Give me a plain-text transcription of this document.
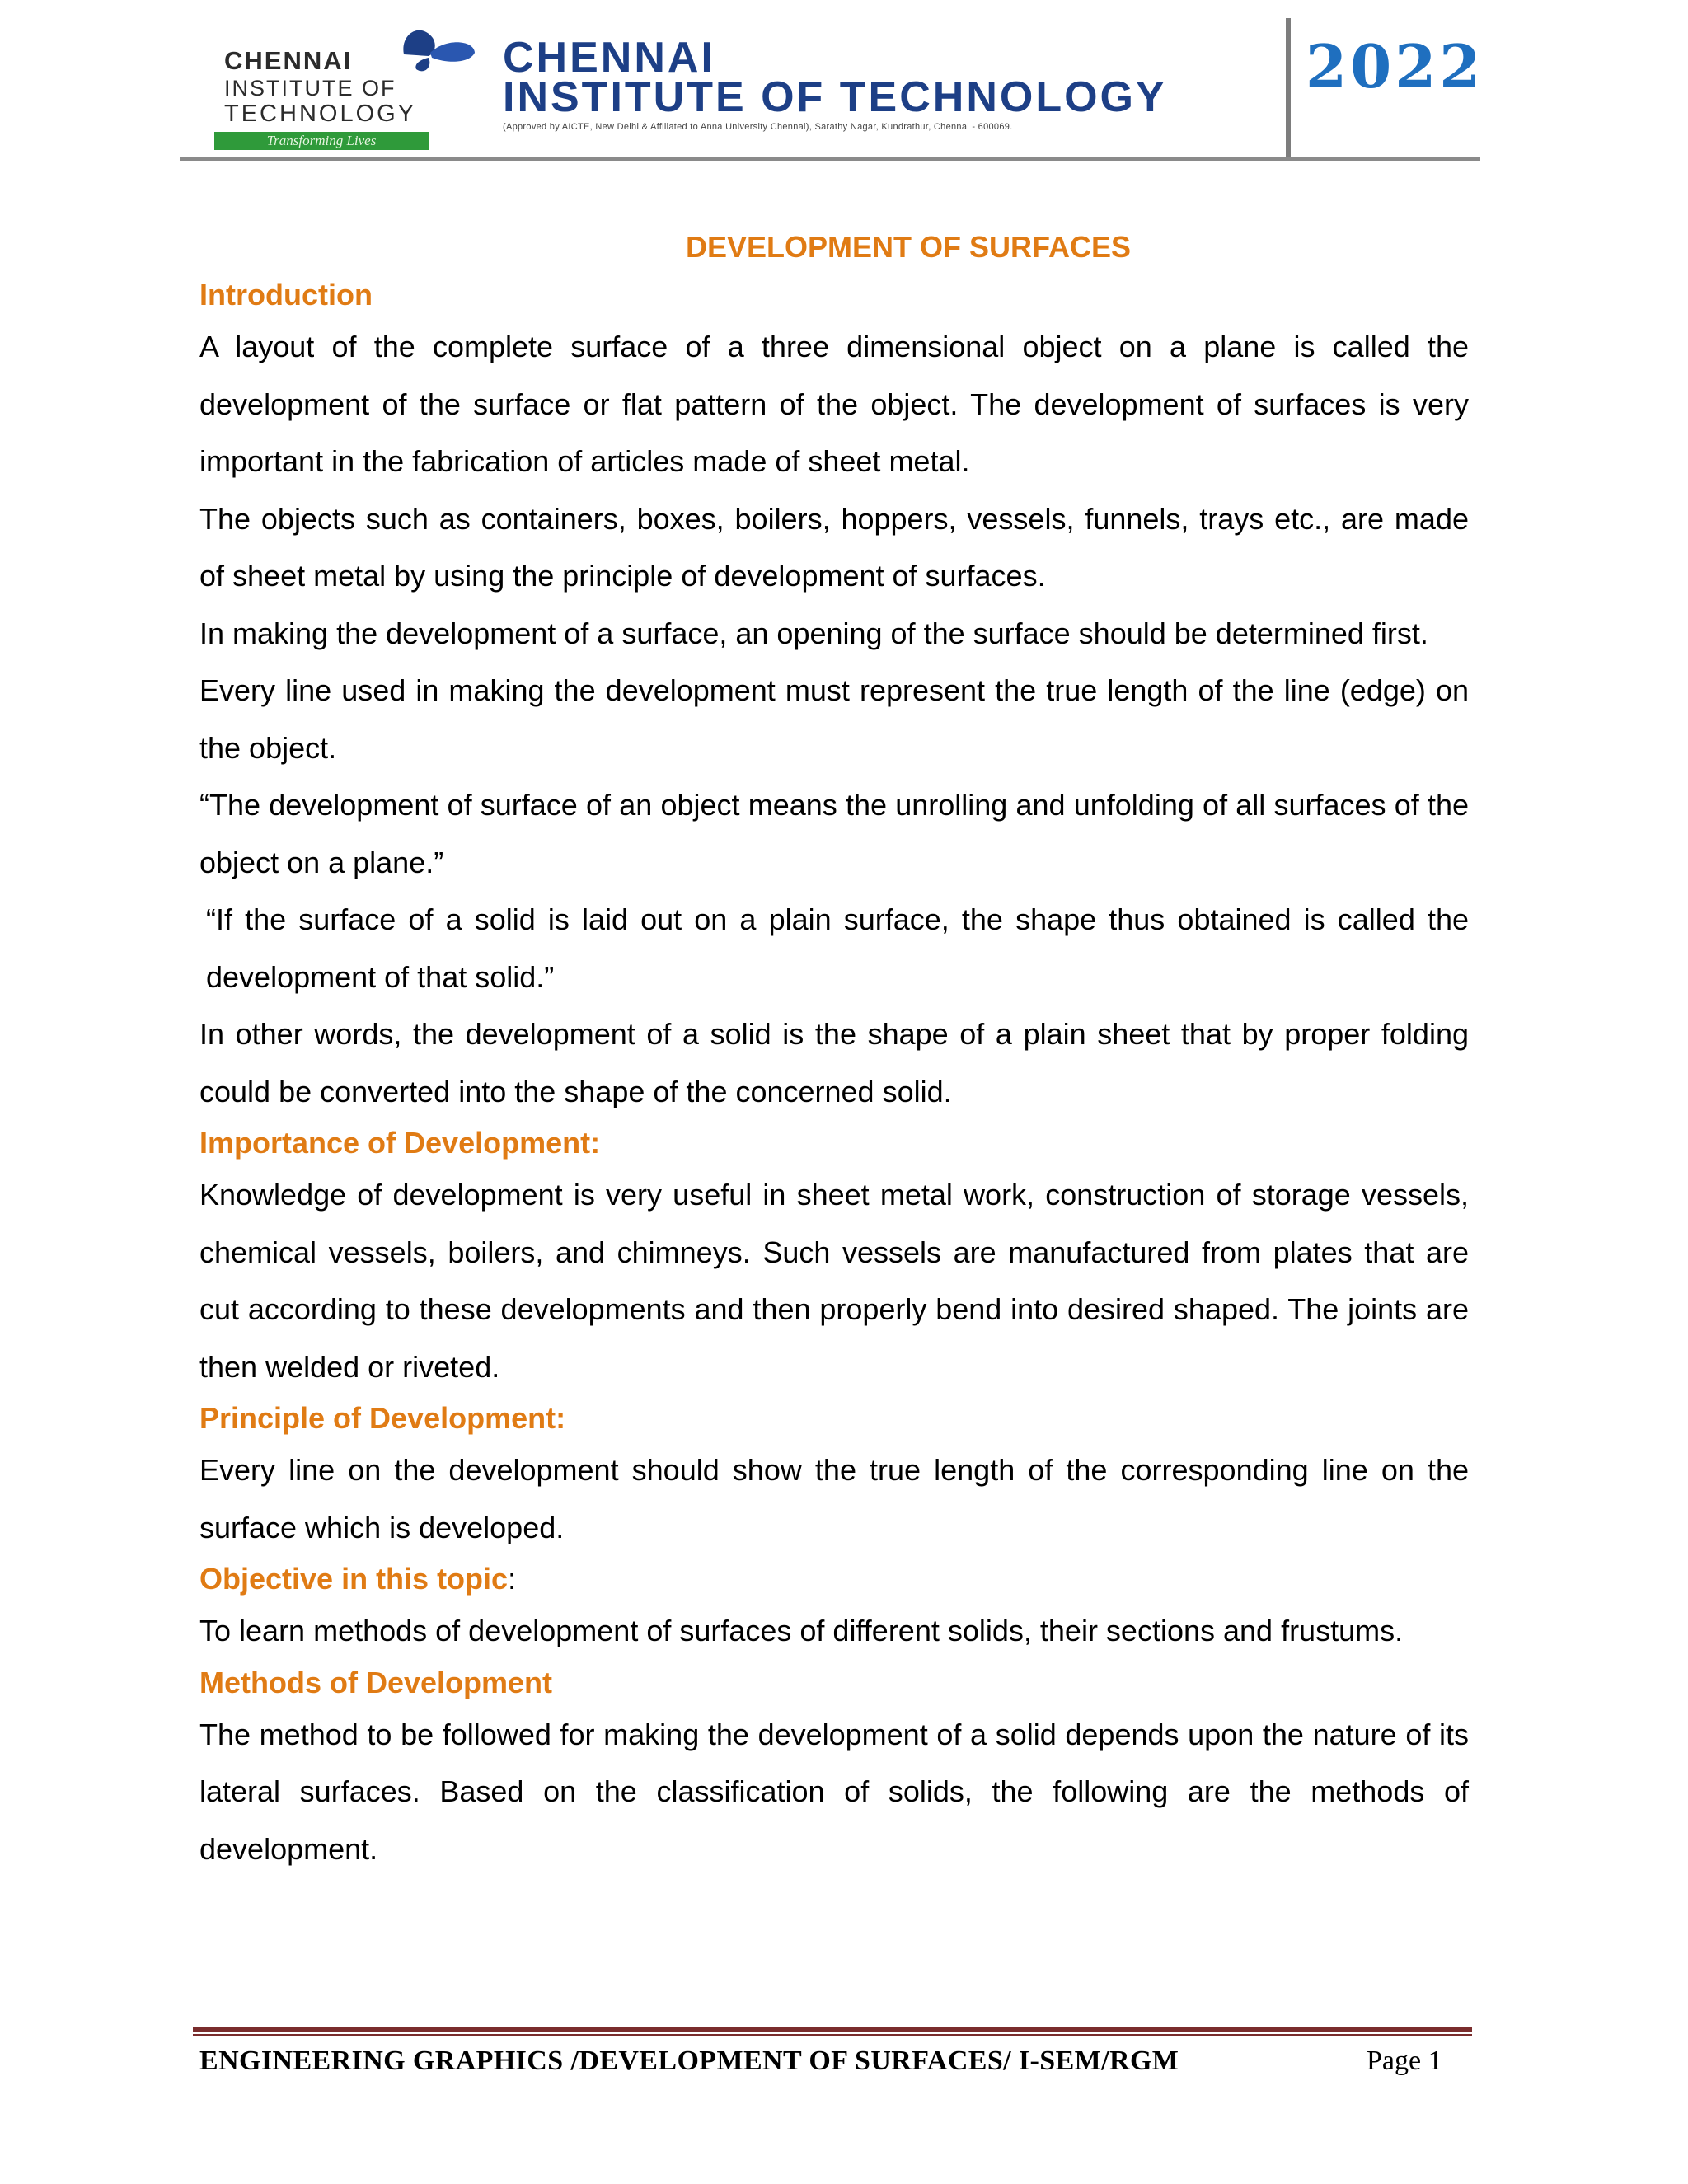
CHENNAI
INSTITUTE OF
TECHNOLOGY
Transforming Lives
CHENNAI
INSTITUTE OF TECHNOLOGY
(Approved by AICTE, New Delhi & Affiliated to Anna University Chennai), Sarathy Nagar, Kundrathur, Chennai - 600069.
2022
DEVELOPMENT OF SURFACES
Introduction

A layout of the complete surface of a three dimensional object on a plane is called the development of the surface or flat pattern of the object. The development of surfaces is very important in the fabrication of articles made of sheet metal.

The objects such as containers, boxes, boilers, hoppers, vessels, funnels, trays etc., are made of sheet metal by using the principle of development of surfaces.

In making the development of a surface, an opening of the surface should be determined first.

Every line used in making the development must represent the true length of the line (edge) on the object.

“The development of surface of an object means the unrolling and unfolding of all surfaces of the object on a plane.”

“If the surface of a solid is laid out on a plain surface, the shape thus obtained is called the development of that solid.”

In other words, the development of a solid is the shape of a plain sheet that by proper folding could be converted into the shape of the concerned solid.

Importance of Development:

Knowledge of development is very useful in sheet metal work, construction of storage vessels, chemical vessels, boilers, and chimneys. Such vessels are manufactured from plates that are cut according to these developments and then properly bend into desired shaped. The joints are then welded or riveted.

Principle of Development:

Every line on the development should show the true length of the corresponding line on the surface which is developed.

Objective in this topic:

To learn methods of development of surfaces of different solids, their sections and frustums.

Methods of Development

The method to be followed for making the development of a solid depends upon the nature of its lateral surfaces. Based on the classification of solids, the following are the methods of development.

ENGINEERING GRAPHICS /DEVELOPMENT OF SURFACES/ I-SEM/RGM	Page 1
